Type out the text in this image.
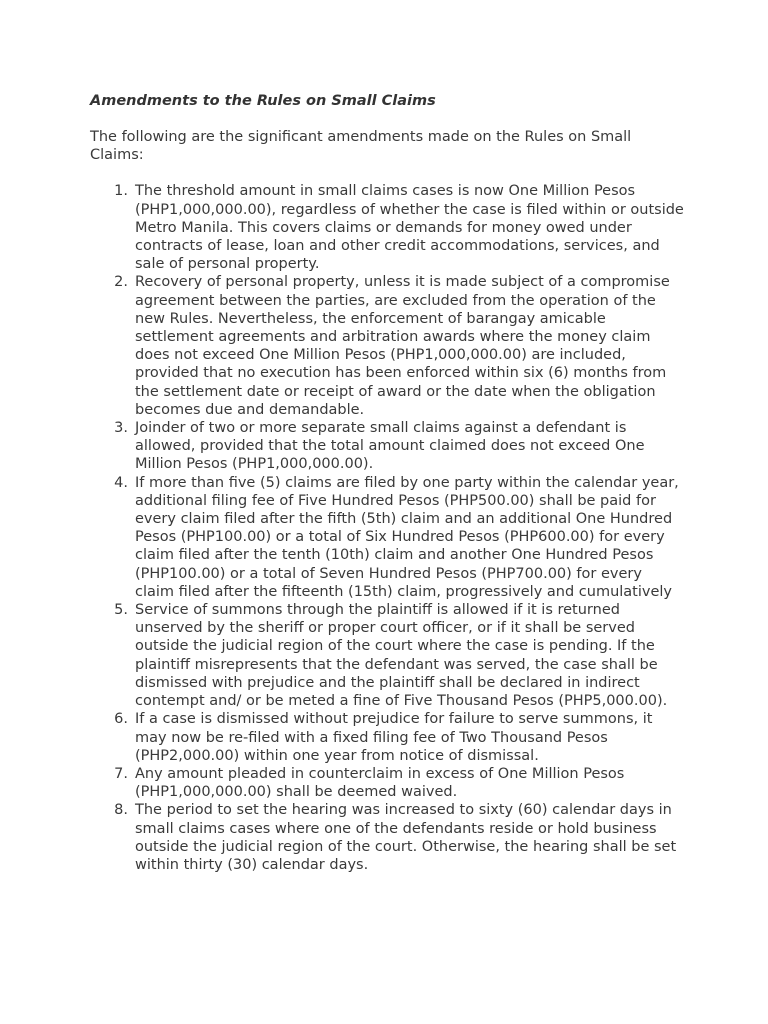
Amendments to the Rules on Small Claims

The following are the significant amendments made on the Rules on Small Claims:

1. The threshold amount in small claims cases is now One Million Pesos (PHP1,000,000.00), regardless of whether the case is filed within or outside Metro Manila. This covers claims or demands for money owed under contracts of lease, loan and other credit accommodations, services, and sale of personal property.
2. Recovery of personal property, unless it is made subject of a compromise agreement between the parties, are excluded from the operation of the new Rules. Nevertheless, the enforcement of barangay amicable settlement agreements and arbitration awards where the money claim does not exceed One Million Pesos (PHP1,000,000.00) are included, provided that no execution has been enforced within six (6) months from the settlement date or receipt of award or the date when the obligation becomes due and demandable.
3. Joinder of two or more separate small claims against a defendant is allowed, provided that the total amount claimed does not exceed One Million Pesos (PHP1,000,000.00).
4. If more than five (5) claims are filed by one party within the calendar year, additional filing fee of Five Hundred Pesos (PHP500.00) shall be paid for every claim filed after the fifth (5th) claim and an additional One Hundred Pesos (PHP100.00) or a total of Six Hundred Pesos (PHP600.00) for every claim filed after the tenth (10th) claim and another One Hundred Pesos (PHP100.00) or a total of Seven Hundred Pesos (PHP700.00) for every claim filed after the fifteenth (15th) claim, progressively and cumulatively
5. Service of summons through the plaintiff is allowed if it is returned unserved by the sheriff or proper court officer, or if it shall be served outside the judicial region of the court where the case is pending. If the plaintiff misrepresents that the defendant was served, the case shall be dismissed with prejudice and the plaintiff shall be declared in indirect contempt and/ or be meted a fine of Five Thousand Pesos (PHP5,000.00).
6. If a case is dismissed without prejudice for failure to serve summons, it may now be re-filed with a fixed filing fee of Two Thousand Pesos (PHP2,000.00) within one year from notice of dismissal.
7. Any amount pleaded in counterclaim in excess of One Million Pesos (PHP1,000,000.00) shall be deemed waived.
8. The period to set the hearing was increased to sixty (60) calendar days in small claims cases where one of the defendants reside or hold business outside the judicial region of the court. Otherwise, the hearing shall be set within thirty (30) calendar days.
